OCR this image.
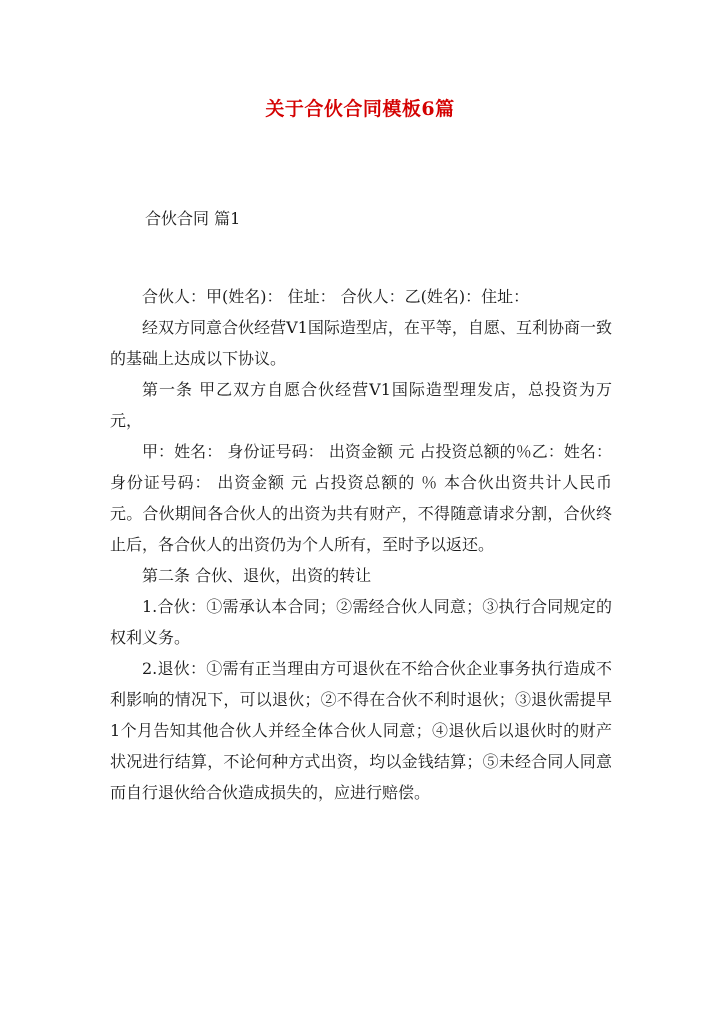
关于合伙合同模板6篇
合伙合同 篇1

合伙人：甲(姓名)： 住址： 合伙人：乙(姓名)：住址：

经双方同意合伙经营V1国际造型店，在平等，自愿、互利协商一致的基础上达成以下协议。

第一条 甲乙双方自愿合伙经营V1国际造型理发店，总投资为万元，

甲：姓名： 身份证号码： 出资金额 元 占投资总额的％乙：姓名：身份证号码： 出资金额 元 占投资总额的 ％ 本合伙出资共计人民币元。合伙期间各合伙人的出资为共有财产，不得随意请求分割，合伙终止后，各合伙人的出资仍为个人所有，至时予以返还。

第二条 合伙、退伙，出资的转让

1.合伙：①需承认本合同；②需经合伙人同意；③执行合同规定的权利义务。

2.退伙：①需有正当理由方可退伙在不给合伙企业事务执行造成不利影响的情况下，可以退伙；②不得在合伙不利时退伙；③退伙需提早1个月告知其他合伙人并经全体合伙人同意；④退伙后以退伙时的财产状况进行结算，不论何种方式出资，均以金钱结算；⑤未经合同人同意而自行退伙给合伙造成损失的，应进行赔偿。
